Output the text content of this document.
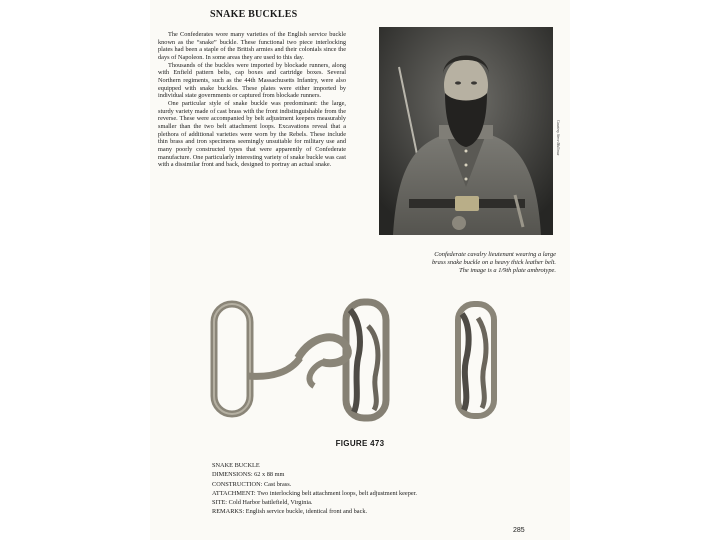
SNAKE BUCKLES

The Confederates wore many varieties of the English service buckle known as the “snake” buckle. These functional two piece interlocking plates had been a staple of the British armies and their colonials since the days of Napoleon. In some areas they are used to this day.

Thousands of the buckles were imported by blockade runners, along with Enfield pattern belts, cap boxes and cartridge boxes. Several Northern regiments, such as the 44th Massachusetts Infantry, were also equipped with snake buckles. These plates were either imported by individual state governments or captured from blockade runners.

One particular style of snake buckle was predominant: the large, sturdy variety made of cast brass with the front indistinguishable from the reverse. These were accompanied by belt adjustment keepers measurably smaller than the two belt attachment loops. Excavations reveal that a plethora of additional varieties were worn by the Rebels. These include thin brass and iron specimens seemingly unsuitable for military use and many poorly constructed types that were apparently of Confederate manufacture. One particularly interesting variety of snake buckle was cast with a dissimilar front and back, designed to portray an actual snake.

Courtesy Steve Mullinax
Confederate cavalry lieutenant wearing a large
brass snake buckle on a heavy thick leather belt.
The image is a 1/9th plate ambrotype.
FIGURE 473
SNAKE BUCKLE
DIMENSIONS: 62 x 88 mm
CONSTRUCTION: Cast brass.
ATTACHMENT: Two interlocking belt attachment loops, belt adjustment keeper.
SITE: Cold Harbor battlefield, Virginia.
REMARKS: English service buckle, identical front and back.
285
